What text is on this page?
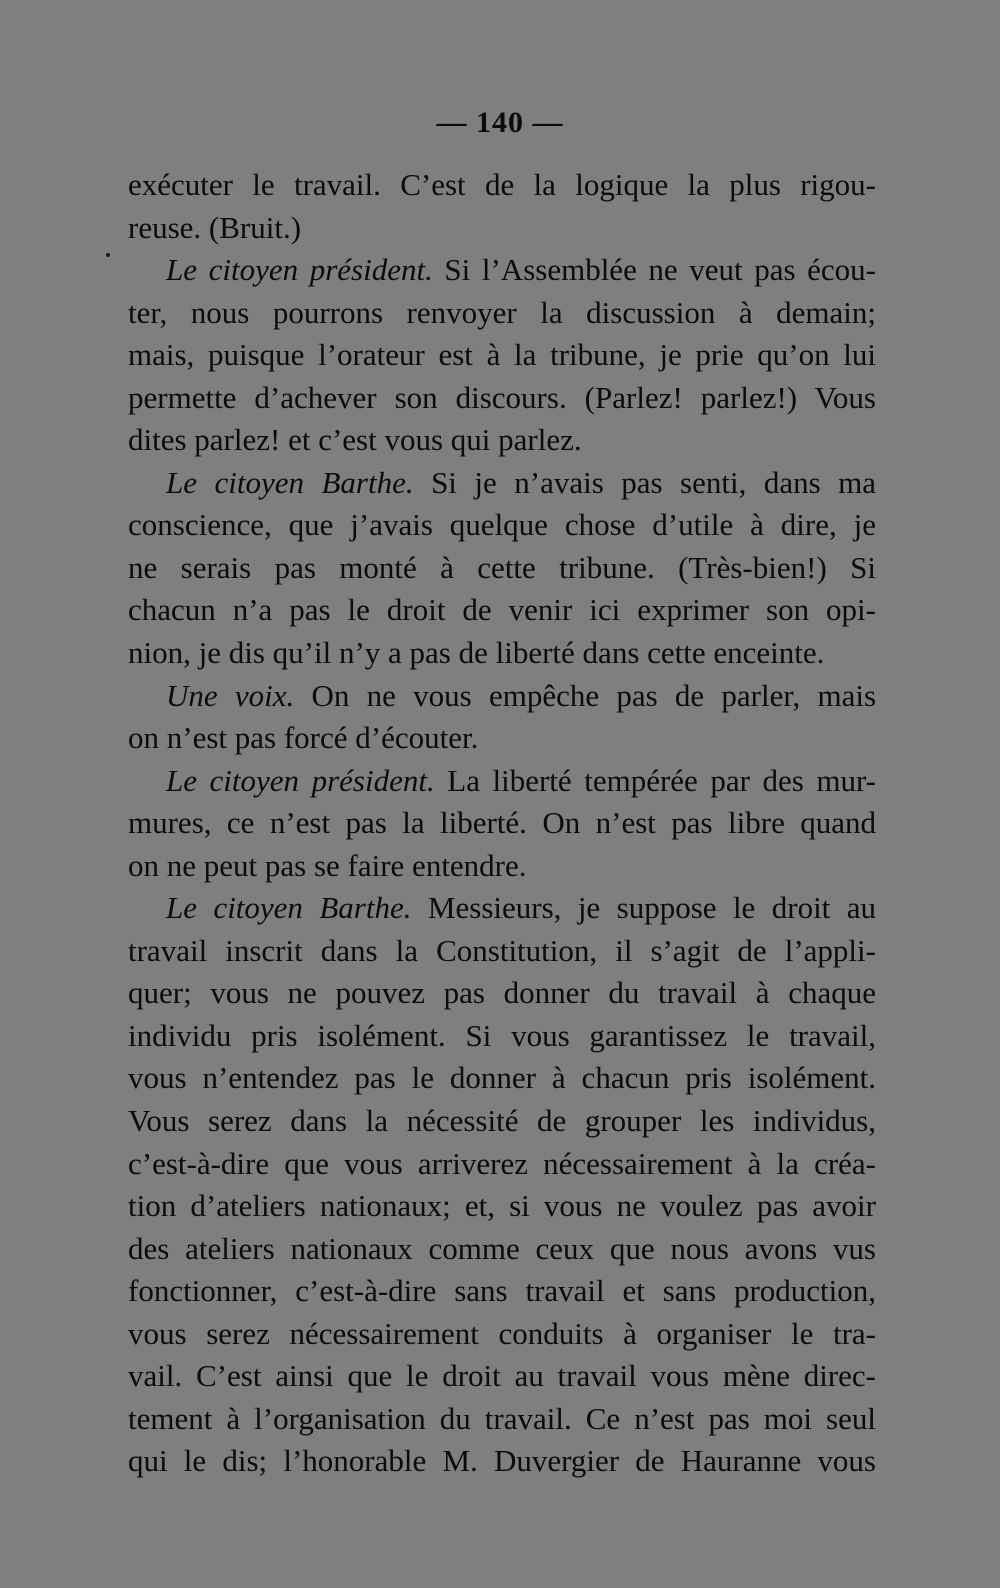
— 140 —
exécuter le travail. C’est de la logique la plus rigou-
reuse. (Bruit.)
Le citoyen président. Si l’Assemblée ne veut pas écou-
ter, nous pourrons renvoyer la discussion à demain;
mais, puisque l’orateur est à la tribune, je prie qu’on lui
permette d’achever son discours. (Parlez! parlez!) Vous
dites parlez! et c’est vous qui parlez.
Le citoyen Barthe. Si je n’avais pas senti, dans ma
conscience, que j’avais quelque chose d’utile à dire, je
ne serais pas monté à cette tribune. (Très-bien!) Si
chacun n’a pas le droit de venir ici exprimer son opi-
nion, je dis qu’il n’y a pas de liberté dans cette enceinte.
Une voix. On ne vous empêche pas de parler, mais
on n’est pas forcé d’écouter.
Le citoyen président. La liberté tempérée par des mur-
mures, ce n’est pas la liberté. On n’est pas libre quand
on ne peut pas se faire entendre.
Le citoyen Barthe. Messieurs, je suppose le droit au
travail inscrit dans la Constitution, il s’agit de l’appli-
quer; vous ne pouvez pas donner du travail à chaque
individu pris isolément. Si vous garantissez le travail,
vous n’entendez pas le donner à chacun pris isolément.
Vous serez dans la nécessité de grouper les individus,
c’est-à-dire que vous arriverez nécessairement à la créa-
tion d’ateliers nationaux; et, si vous ne voulez pas avoir
des ateliers nationaux comme ceux que nous avons vus
fonctionner, c’est-à-dire sans travail et sans production,
vous serez nécessairement conduits à organiser le tra-
vail. C’est ainsi que le droit au travail vous mène direc-
tement à l’organisation du travail. Ce n’est pas moi seul
qui le dis; l’honorable M. Duvergier de Hauranne vous
